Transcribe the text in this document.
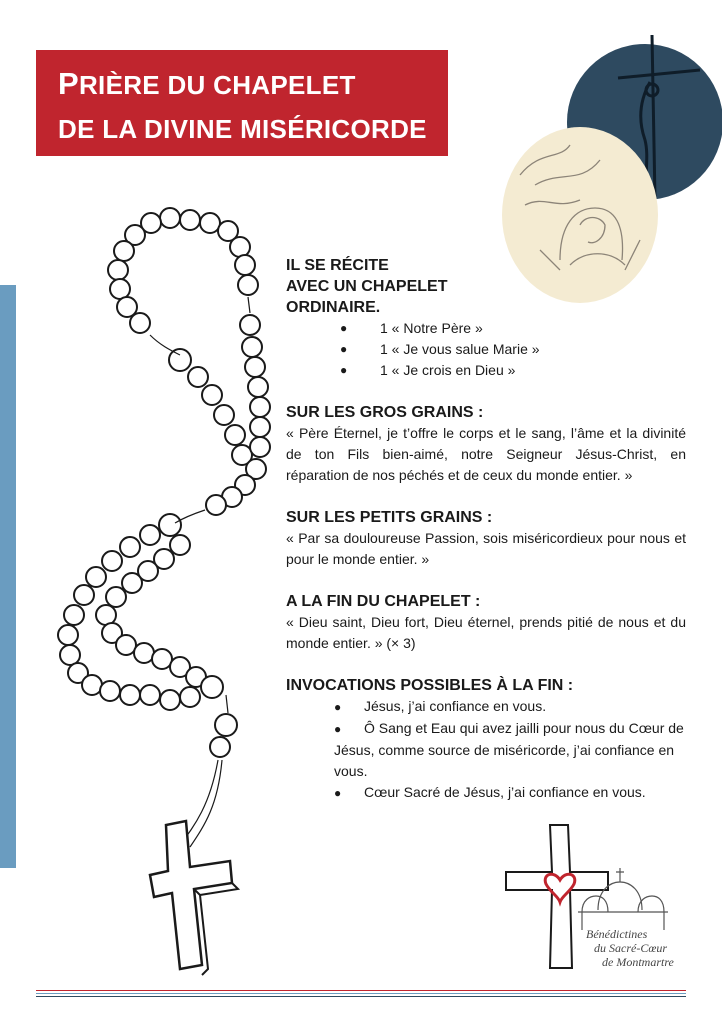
PRIÈRE DU CHAPELET
DE LA DIVINE MISÉRICORDE
IL SE RÉCITE
AVEC UN CHAPELET
ORDINAIRE.
● 1 « Notre Père »
● 1 « Je vous salue Marie »
● 1 « Je crois en Dieu »
SUR LES GROS GRAINS :
« Père Éternel, je t’offre le corps et le sang, l’âme et la divinité de ton Fils bien-aimé, notre Seigneur Jésus-Christ, en réparation de nos péchés et de ceux du monde entier. »
SUR LES PETITS GRAINS :
« Par sa douloureuse Passion, sois miséricordieux pour nous et pour le monde entier. »
A LA FIN DU CHAPELET :
« Dieu saint, Dieu fort, Dieu éternel, prends pitié de nous et du monde entier. » (× 3)
INVOCATIONS POSSIBLES À LA FIN :
● Jésus, j’ai confiance en vous.
● Ô Sang et Eau qui avez jailli pour nous du Cœur de Jésus, comme source de miséricorde, j’ai confiance en vous.
● Cœur Sacré de Jésus, j’ai confiance en vous.
Bénédictines
du Sacré-Cœur
de Montmartre
